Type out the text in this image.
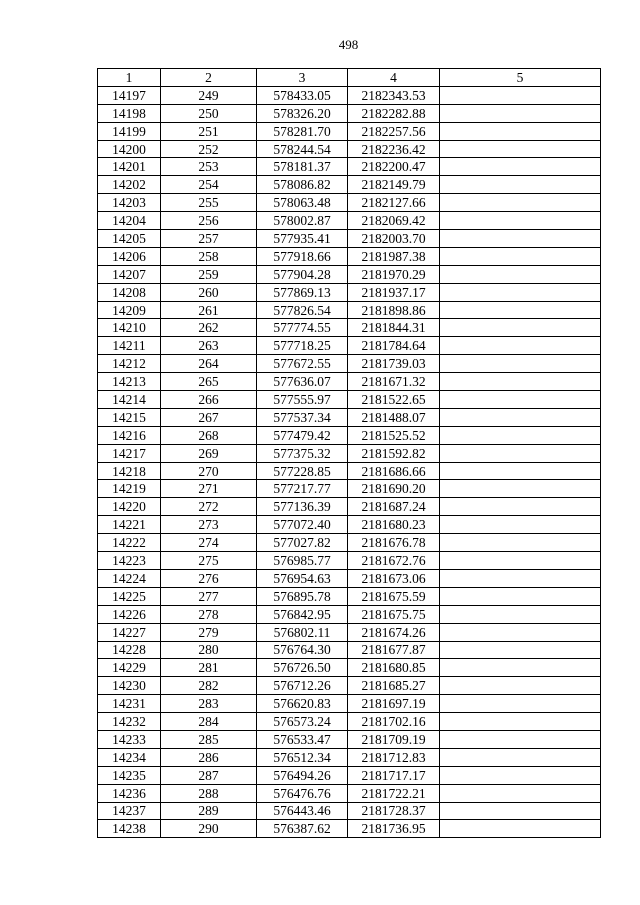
498
1	2	3	4	5
14197	249	578433.05	2182343.53	
14198	250	578326.20	2182282.88	
14199	251	578281.70	2182257.56	
14200	252	578244.54	2182236.42	
14201	253	578181.37	2182200.47	
14202	254	578086.82	2182149.79	
14203	255	578063.48	2182127.66	
14204	256	578002.87	2182069.42	
14205	257	577935.41	2182003.70	
14206	258	577918.66	2181987.38	
14207	259	577904.28	2181970.29	
14208	260	577869.13	2181937.17	
14209	261	577826.54	2181898.86	
14210	262	577774.55	2181844.31	
14211	263	577718.25	2181784.64	
14212	264	577672.55	2181739.03	
14213	265	577636.07	2181671.32	
14214	266	577555.97	2181522.65	
14215	267	577537.34	2181488.07	
14216	268	577479.42	2181525.52	
14217	269	577375.32	2181592.82	
14218	270	577228.85	2181686.66	
14219	271	577217.77	2181690.20	
14220	272	577136.39	2181687.24	
14221	273	577072.40	2181680.23	
14222	274	577027.82	2181676.78	
14223	275	576985.77	2181672.76	
14224	276	576954.63	2181673.06	
14225	277	576895.78	2181675.59	
14226	278	576842.95	2181675.75	
14227	279	576802.11	2181674.26	
14228	280	576764.30	2181677.87	
14229	281	576726.50	2181680.85	
14230	282	576712.26	2181685.27	
14231	283	576620.83	2181697.19	
14232	284	576573.24	2181702.16	
14233	285	576533.47	2181709.19	
14234	286	576512.34	2181712.83	
14235	287	576494.26	2181717.17	
14236	288	576476.76	2181722.21	
14237	289	576443.46	2181728.37	
14238	290	576387.62	2181736.95	
